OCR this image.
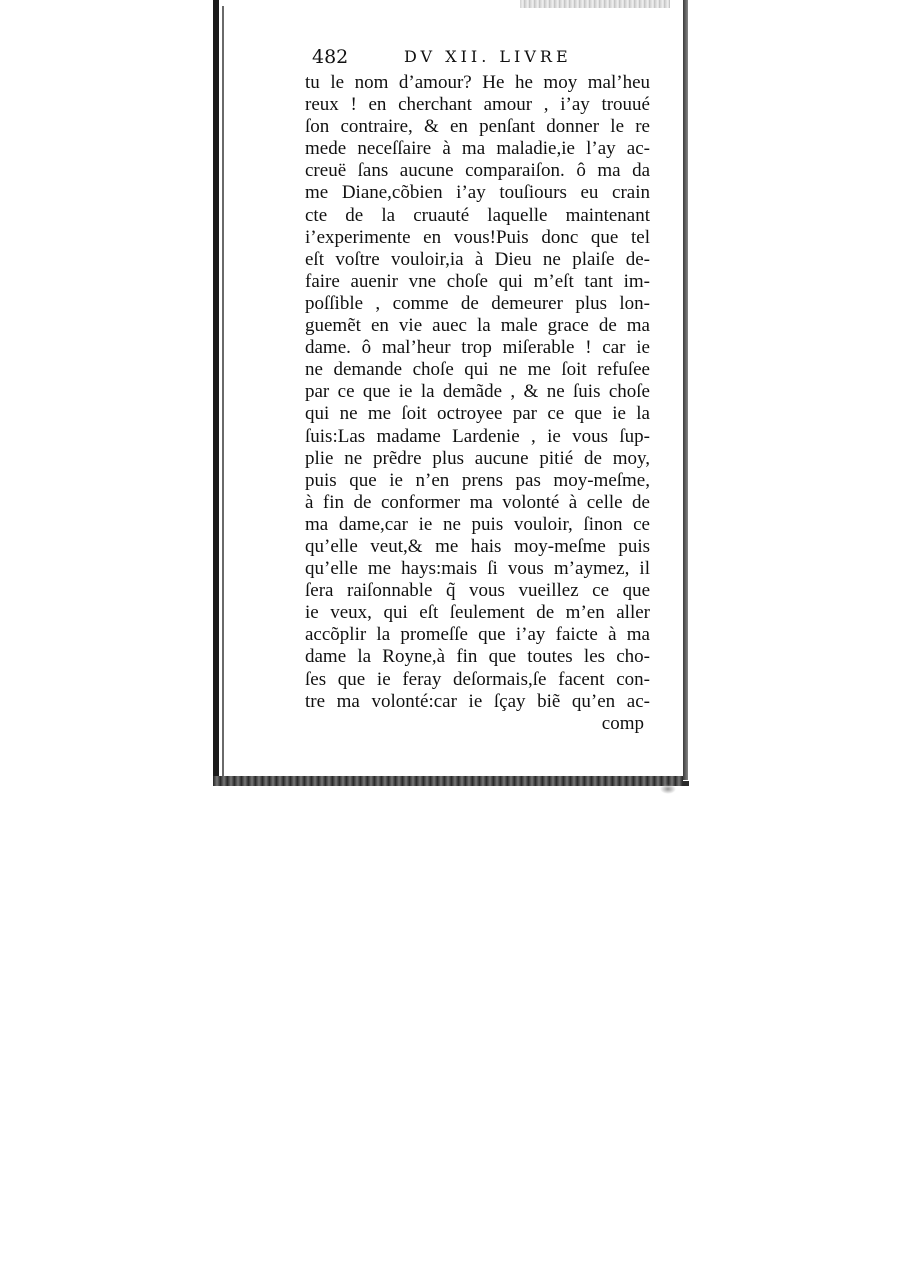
482	DV XII. LIVRE
tu le nom d’amour? He he moy mal’heu
reux ! en cherchant amour , i’ay trouué
ſon contraire, & en penſant donner le re
mede neceſſaire à ma maladie,ie l’ay ac-
creuë ſans aucune comparaiſon. ô ma da
me Diane,cõbien i’ay touſiours eu crain
cte de la cruauté laquelle maintenant
i’experimente en vous!Puis donc que tel
eſt voſtre vouloir,ia à Dieu ne plaiſe de-
faire auenir vne choſe qui m’eſt tant im-
poſſible , comme de demeurer plus lon-
guemẽt en vie auec la male grace de ma
dame. ô mal’heur trop miſerable ! car ie
ne demande choſe qui ne me ſoit refuſee
par ce que ie la demãde , & ne ſuis choſe
qui ne me ſoit octroyee par ce que ie la
ſuis:Las madame Lardenie , ie vous ſup-
plie ne prẽdre plus aucune pitié de moy,
puis que ie n’en prens pas moy-meſme,
à fin de conformer ma volonté à celle de
ma dame,car ie ne puis vouloir, ſinon ce
qu’elle veut,& me hais moy-meſme puis
qu’elle me hays:mais ſi vous m’aymez, il
ſera raiſonnable q̃ vous vueillez ce que
ie veux, qui eſt ſeulement de m’en aller
accõplir la promeſſe que i’ay faicte à ma
dame la Royne,à fin que toutes les cho-
ſes que ie feray deſormais,ſe facent con-
tre ma volonté:car ie ſçay biẽ qu’en ac-
comp
